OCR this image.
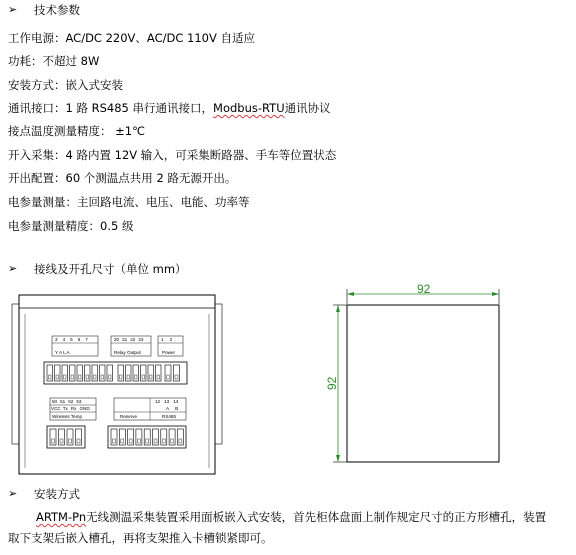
➢ 技术参数
工作电源：AC/DC 220V、AC/DC 110V 自适应
功耗：不超过 8W
安装方式：嵌入式安装
通讯接口：1 路 RS485 串行通讯接口，Modbus-RTU通讯协议
接点温度测量精度： ±1℃
开入采集：4 路内置 12V 输入，可采集断路器、手车等位置状态
开出配置：60 个测温点共用 2 路无源开出。
电参量测量：主回路电流、电压、电能、功率等
电参量测量精度：0.5 级
➢ 接线及开孔尺寸（单位 mm）
3 4 5 6 7
Y A L A
20 21 22 23
Relay Output
1 2
Power
50 51 52 53
VCC Tx Rx GND
Wireless Temp
12 13 14
A B
Reserve	RS485
92
92
➢ 安装方式
ARTM-Pn无线测温采集装置采用面板嵌入式安装，首先柜体盘面上制作规定尺寸的正方形槽孔，装置
取下支架后嵌入槽孔，再将支架推入卡槽锁紧即可。
